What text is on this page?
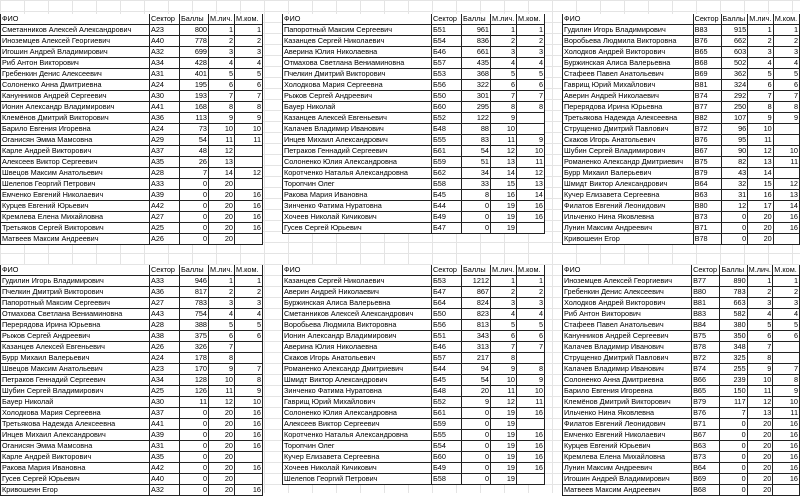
ФИО	Сектор	Баллы	М.лич.	М.ком.
Сметанников Алексей Александрович	А23	800	1	1
Иноземцев Алексей Георгиевич	А40	778	2	2
Игошин Андрей Владимирович	А32	699	3	3
Риб Антон Викторович	А34	428	4	4
Гребенкин Денис Алексеевич	А31	401	5	5
Солоненко Анна Дмитриевна	А24	195	6	6
Канунников Андрей Сергеевич	А30	193	7	7
Ионин Александр Владимирович	А41	168	8	8
Клемёнов Дмитрий Викторович	А36	113	9	9
Барило Евгения Игоревна	А24	73	10	10
Оганисян Эмма Мамсовна	А29	54	11	11
Карле Андрей Викторович	А37	48	12	
Алексеев Виктор Сергеевич	А35	26	13	
Швецов Максим Анатольевич	А28	7	14	12
Шелепов Георгий Петрович	А33	0	20	
Емченко Евгений Николаевич	А39	0	20	16
Курцев Евгений Юрьевич	А42	0	20	16
Кремлева Елена Михайловна	А27	0	20	16
Третьяков Сергей Викторович	А25	0	20	16
Матвеев Максим Андреевич	А26	0	20	
ФИО	Сектор	Баллы	М.лич.	М.ком.
Папоротный Максим Сергеевич	Б51	961	1	1
Казанцев Сергей Николаевич	Б54	836	2	2
Аверина Юлия Николаевна	Б46	661	3	3
Отмахова Светлана Вениаминовна	Б57	435	4	4
Пчелкин Дмитрий Викторович	Б53	368	5	5
Холодкова Мария Сергеевна	Б56	322	6	6
Рыжов Сергей Андреевич	Б50	301	7	7
Бауер Николай	Б60	295	8	8
Казанцев Алексей Евгеньевич	Б52	122	9	
Калачев Владимир Иванович	Б48	88	10	
Инцев Михаил Александрович	Б55	83	11	9
Петраков Геннадий Сергеевич	Б61	54	12	10
Солоненко Юлия Александровна	Б59	51	13	11
Коротченко Наталья Александровна	Б62	34	14	12
Торопчин Олег	Б58	33	15	13
Ракова Мария Ивановна	Б45	8	16	14
Зинченко Фатима Нуратовна	Б44	0	19	16
Хочеев Николай Кичикович	Б49	0	19	16
Гусев Сергей Юрьевич	Б47	0	19	
ФИО	Сектор	Баллы	М.лич.	М.ком.
Гудилин Игорь Владимирович	В83	915	1	1
Воробьева Людмила Викторовна	В76	662	2	2
Холодков Андрей Викторович	В65	603	3	3
Буржинская Алиса Валерьевна	В68	502	4	4
Стафеев Павел Анатольевич	В69	362	5	5
Гаврищ Юрий Михайлович	В81	324	6	6
Аверин Андрей Николаевич	В74	292	7	7
Перерядова Ирина Юрьевна	В77	250	8	8
Третьякова Надежда Алексеевна	В82	107	9	9
Струщенко Дмитрий Павлович	В72	96	10	
Скаков Игорь Анатольевич	В76	95	11	
Шубин Сергей Владимирович	В67	90	12	10
Романенко Александр Дмитриевич	В75	82	13	11
Бурр Михаил Валерьевич	В79	43	14	
Шмидт Виктор Александрович	В64	32	15	12
Кучер Елизавета Сергеевна	В63	31	16	13
Филатов Евгений Леонидович	В80	12	17	14
Ильченко Нина Яковлевна	В73	0	20	16
Лунин Максим Андреевич	В71	0	20	16
Кривошеин Егор	В78	0	20	
ФИО	Сектор	Баллы	М.лич.	М.ком.
Гудилин Игорь Владимирович	А33	946	1	1
Пчелкин Дмитрий Викторович	А36	817	2	2
Папоротный Максим Сергеевич	А27	783	3	3
Отмахова Светлана Вениаминовна	А43	754	4	4
Перерядова Ирина Юрьевна	А28	388	5	5
Рыжов Сергей Андреевич	А38	375	6	6
Казанцев Алексей Евгеньевич	А26	326	7	
Бурр Михаил Валерьевич	А24	178	8	
Швецов Максим Анатольевич	А23	170	9	7
Петраков Геннадий Сергеевич	А34	128	10	8
Шубин Сергей Владимирович	А25	126	11	9
Бауер Николай	А30	11	12	10
Холодкова Мария Сергеевна	А37	0	20	16
Третьякова Надежда Алексеевна	А41	0	20	16
Инцев Михаил Александрович	А39	0	20	16
Оганисян Эмма Мамсовна	А31	0	20	16
Карле Андрей Викторович	А35	0	20	
Ракова Мария Ивановна	А42	0	20	16
Гусев Сергей Юрьевич	А40	0	20	
Кривошеин Егор	А32	0	20	16
ФИО	Сектор	Баллы	М.лич.	М.ком.
Казанцев Сергей Николаевич	Б53	1212	1	1
Аверин Андрей Николаевич	Б47	867	2	2
Буржинская Алиса Валерьевна	Б64	824	3	3
Сметанников Алексей Александрович	Б50	823	4	4
Воробьева Людмила Викторовна	Б56	813	5	5
Ионин Александр Владимирович	Б51	343	6	6
Аверина Юлия Николаевна	Б46	313	7	7
Скаков Игорь Анатольевич	Б57	217	8	
Романенко Александр Дмитриевич	Б44	94	9	8
Шмидт Виктор Александрович	Б45	54	10	9
Зинченко Фатима Нуратовна	Б48	20	11	10
Гаврищ Юрий Михайлович	Б52	9	12	11
Солоненко Юлия Александровна	Б61	0	19	16
Алексеев Виктор Сергеевич	Б59	0	19	
Коротченко Наталья Александровна	Б55	0	19	16
Торопчин Олег	Б54	0	19	16
Кучер Елизавета Сергеевна	Б60	0	19	16
Хочеев Николай Кичикович	Б49	0	19	16
Шелепов Георгий Петрович	Б58	0	19	
ФИО	Сектор	Баллы	М.лич.	М.ком.
Иноземцев Алексей Георгиевич	В77	890	1	1
Гребенкин Денис Алексеевич	В80	783	2	2
Холодков Андрей Викторович	В81	663	3	3
Риб Антон Викторович	В83	582	4	4
Стафеев Павел Анатольевич	В84	380	5	5
Канунников Андрей Сергеевич	В75	350	6	6
Калачев Владимир Иванович	В78	348	7	
Струщенко Дмитрий Павлович	В72	325	8	
Калачев Владимир Иванович	В74	255	9	7
Солоненко Анна Дмитриевна	В66	239	10	8
Барило Евгения Игоревна	В65	150	11	9
Клемёнов Дмитрий Викторович	В79	117	12	10
Ильченко Нина Яковлевна	В76	7	13	11
Филатов Евгений Леонидович	В71	0	20	16
Емченко Евгений Николаевич	В67	0	20	16
Курцев Евгений Юрьевич	В63	0	20	16
Кремлева Елена Михайловна	В73	0	20	16
Лунин Максим Андреевич	В64	0	20	16
Игошин Андрей Владимирович	В69	0	20	16
Матвеев Максим Андреевич	В68	0	20	
